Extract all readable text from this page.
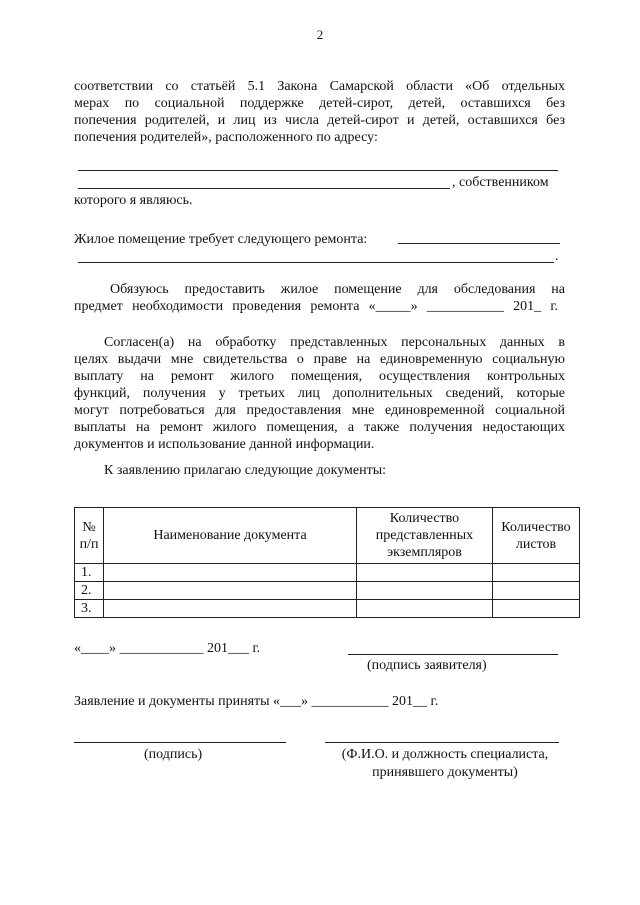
2
соответствии со статьёй 5.1 Закона Самарской области «Об отдельных
мерах по социальной поддержке детей-сирот, детей, оставшихся без
попечения родителей, и лиц из числа детей-сирот и детей, оставшихся без
попечения родителей», расположенного по адресу:
, собственником
которого я являюсь.
Жилое помещение требует следующего ремонта:
.
Обязуюсь предоставить жилое помещение для обследования на
предмет необходимости проведения ремонта «_____» ___________ 201_ г.
Согласен(а) на обработку представленных персональных данных в
целях выдачи мне свидетельства о праве на единовременную социальную
выплату на ремонт жилого помещения, осуществления контрольных
функций, получения у третьих лиц дополнительных сведений, которые
могут потребоваться для предоставления мне единовременной социальной
выплаты на ремонт жилого помещения, а также получения недостающих
документов и использование данной информации.
К заявлению прилагаю следующие документы:
№ п/п	Наименование документа	Количество представленных экземпляров	Количество листов
1.			
2.			
3.			
«____» ____________ 201___ г.
(подпись заявителя)
Заявление и документы приняты «___» ___________ 201__ г.
(подпись)	(Ф.И.О. и должность специалиста,
принявшего документы)
